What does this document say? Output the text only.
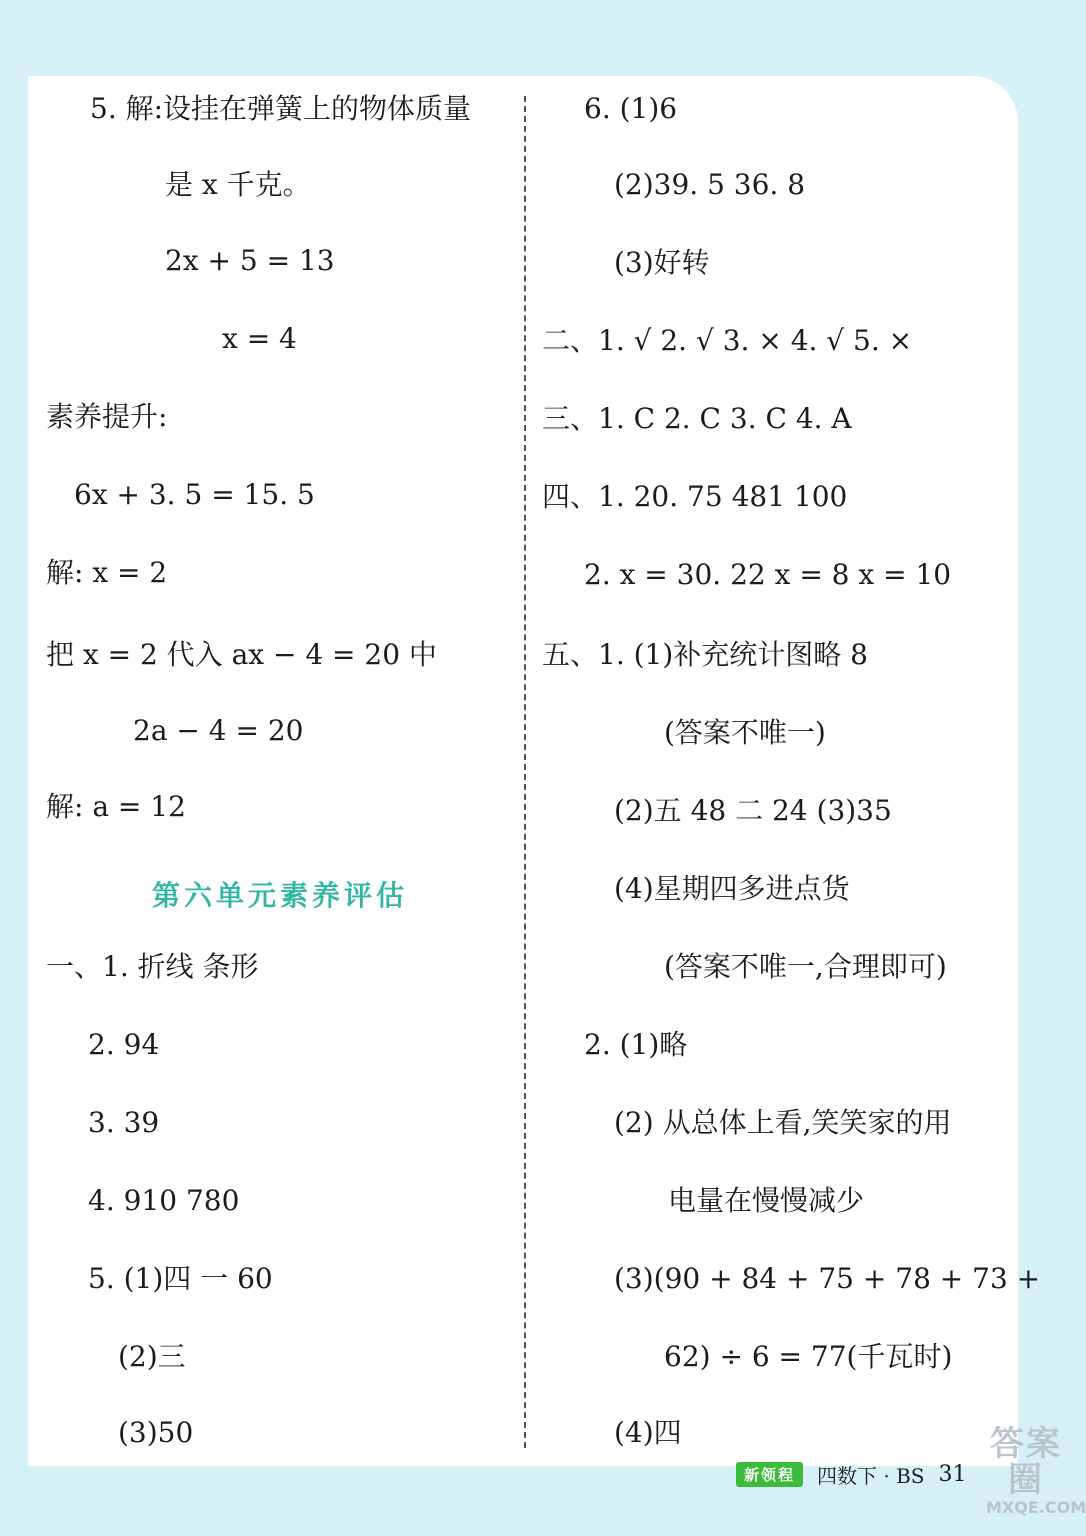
5. 解:设挂在弹簧上的物体质量
是 x 千克。
2x + 5 = 13
x = 4
素养提升:
6x + 3. 5 = 15. 5
解: x = 2
把 x = 2 代入 ax − 4 = 20 中
2a − 4 = 20
解: a = 12
第六单元素养评估
一、1. 折线 条形
2. 94
3. 39
4. 910 780
5. (1)四 一 60
(2)三
(3)50
6. (1)6
(2)39. 5 36. 8
(3)好转
二、1. √ 2. √ 3. × 4. √ 5. ×
三、1. C 2. C 3. C 4. A
四、1. 20. 75 481 100
2. x = 30. 22 x = 8 x = 10
五、1. (1)补充统计图略 8
(答案不唯一)
(2)五 48 二 24 (3)35
(4)星期四多进点货
(答案不唯一,合理即可)
2. (1)略
(2) 从总体上看,笑笑家的用
电量在慢慢减少
(3)(90 + 84 + 75 + 78 + 73 +
62) ÷ 6 = 77(千瓦时)
(4)四
新领程	四数下 · BS 31
答案圈
MXQE.COM
